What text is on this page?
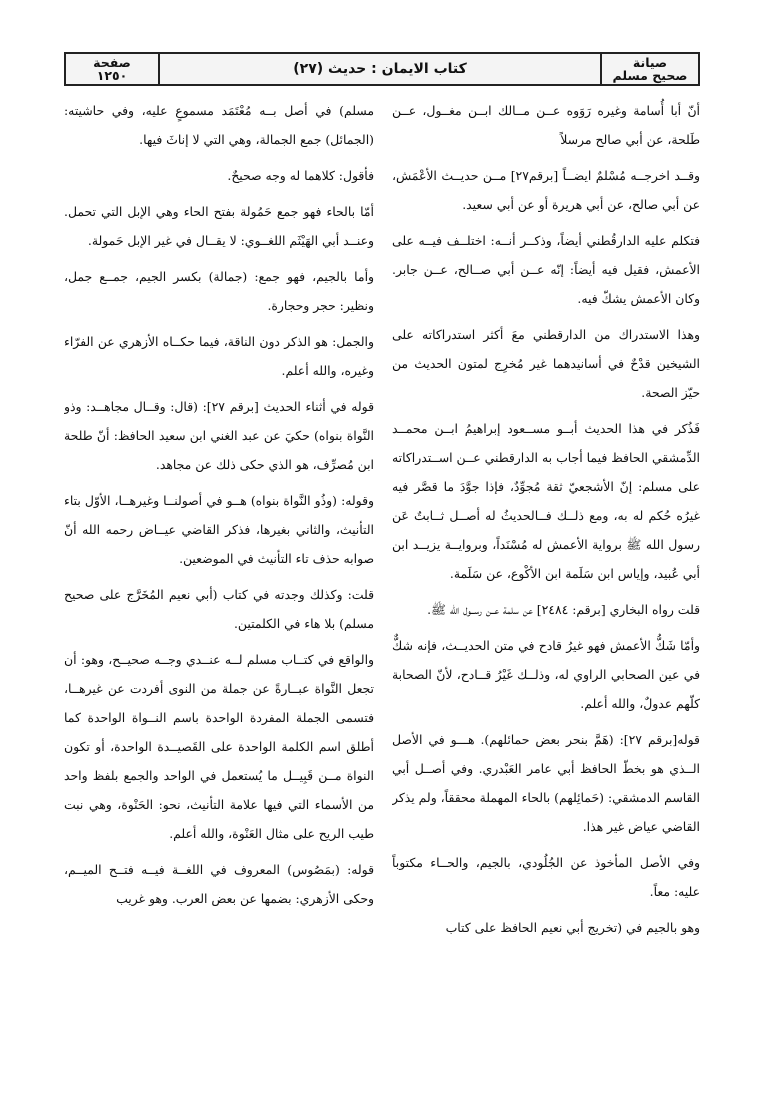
صفحة
١٢٥٠	كتاب الايمان : حديث (٢٧)	صيانة
صحيح مسلم

أنّ أبا أُسامة وغيره رَوَوه عــن مــالك ابــن مغــول، عــن طَلحة، عن أبي صالح مرسلاً

وقــد اخرجــه مُسْلمٌ ايضــاً [برقم٢٧] مــن حديــث الأعْمَش، عن أبي صالح، عن أبي هريرة أو عن أبي سعيد.

فتكلم عليه الدارقُطني أيضاً، وذكــر أنــه: اختلــف فيــه على الأعمش، فقيل فيه أيضاً: إنّه عــن أبي صــالح، عــن جابر. وكان الأعمش يشكّ فيه.

وهذا الاستدراك من الدارقطني معَ أكثر استدراكاته على الشيخين قدْحٌ في أسانيدهما غير مُخرِج لمتون الحديث من حيّز الصحة.

فَذُكر في هذا الحديث أبــو مســعود إبراهيمُ ابــن محمــد الدِّمشقي الحافظ فيما أجاب به الدارقطني عــن اســتدراكاته على مسلم: إنّ الأشجعيّ ثقة مُجوِّدٌ، فإذا جوَّدَ ما قصَّر فيه غيرُه حُكم له به، ومع ذلــك فــالحديثُ له أصــل ثــابتٌ عَن رسول الله ﷺ برواية الأعمش له مُسْنَداً، وبروايــة يزيــد ابن أبي عُبيد، وإياس ابن سَلَمة ابن الأكْوع، عن سَلَمة.

قلت رواه البخاري [برقم: ٢٤٨٤] عن سلمة عــن رســول الله ﷺ.

وأمّا شَكُّ الأعمش فهو غيرُ قادح في متن الحديــث، فإنه شكٌّ في عين الصحابي الراوي له، وذلــك غَيْرُ قــادح، لأنّ الصحابة كلّهم عدولٌ، والله أعلم.

قوله[برقم ٢٧]: (هَمَّ بنحر بعض حمائلهم). هـــو في الأصل الــذي هو بخطّ الحافظ أبي عامر العَبْدري. وفي أصــل أبي القاسم الدمشقي: (حَمائِلهم) بالحاء المهملة محققاً، ولم يذكر القاضي عياض غير هذا.

وفي الأصل المأخوذ عن الجُلُودي، بالجيم، والحــاء مكتوباً عليه: معاً.

وهو بالجيم في (تخريج أبي نعيم الحافظ على كتاب

مسلم) في أصل بــه مُعْتَمَد مسموعٍ عليه، وفي حاشيته: (الجمائل) جمع الجمالة، وهي التي لا إناثَ فيها.

فأقول: كلاهما له وجه صحيحٌ.

أمّا بالحاء فهو جمع حَمُولة بفتح الحاء وهي الإبل التي تحمل. وعنــد أبي الهَيْثَم اللغــوي: لا يقــال في غير الإبل حَمولة.

وأما بالجيم، فهو جمع: (جمالة) بكسر الجيم، جمــع جمل، ونظير: حجر وحجارة.

والجمل: هو الذكر دون الناقة، فيما حكــاه الأزهري عن الفرّاء وغيره، والله أعلم.

قوله في أثناء الحديث [برقم ٢٧]: (قال: وقــال مجاهــد: وذو النَّواة بنواه) حكيَ عن عبد الغني ابن سعيد الحافظ: أنّ طلحة ابن مُصرِّف، هو الذي حكى ذلك عن مجاهد.

وقوله: (وذُو النَّواة بنواه) هــو في أصولنــا وغيرهــا، الأوّل بتاء التأنيث، والثاني بغيرها، فذكر القاضي عيــاض رحمه الله أنّ صوابه حذف تاء التأنيث في الموضعين.

قلت: وكذلك وجدته في كتاب (أبي نعيم المُخَرَّج على صحيح مسلم) بلا هاء في الكلمتين.

والواقع في كتــاب مسلم لــه عنــدي وجــه صحيــح، وهو: أن تجعل النَّواة عبــارةً عن جملة من النوى أفردت عن غيرهــا، فتسمى الجملة المفردة الواحدة باسم النــواة الواحدة كما أطلق اسم الكلمة الواحدة على القَصيــدة الواحدة، أو تكون النواة مــن قَبِيــل ما يُستعمل في الواحد والجمع بلفظ واحد من الأسماء التي فيها علامة التأنيث، نحو: الحَنْوة، وهي نبت طيب الريح على مثال العَنْوة، والله أعلم.

قوله: (بمَصُوس) المعروف في اللغــة فيــه فتــح الميــم، وحكى الأزهري: بضمها عن بعض العرب. وهو غريب
